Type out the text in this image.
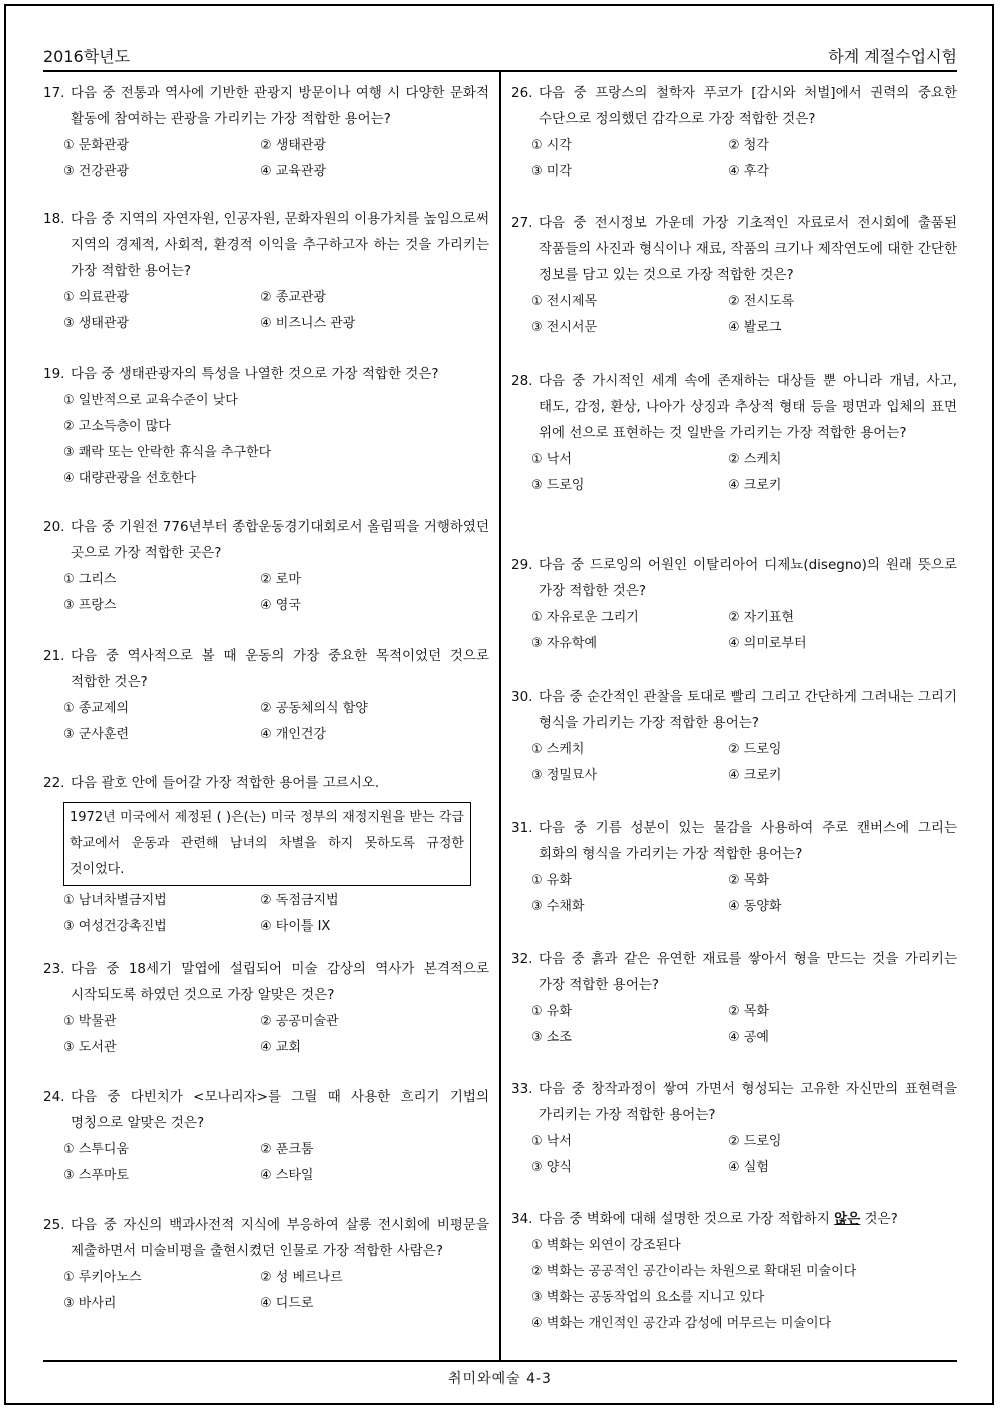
2016학년도	하계 계절수업시험
17. 다음 중 전통과 역사에 기반한 관광지 방문이나 여행 시 다양한 문화적 활동에 참여하는 관광을 가리키는 가장 적합한 용어는?
① 문화관광	② 생태관광
③ 건강관광	④ 교육관광
18. 다음 중 지역의 자연자원, 인공자원, 문화자원의 이용가치를 높임으로써 지역의 경제적, 사회적, 환경적 이익을 추구하고자 하는 것을 가리키는 가장 적합한 용어는?
① 의료관광	② 종교관광
③ 생태관광	④ 비즈니스 관광
19. 다음 중 생태관광자의 특성을 나열한 것으로 가장 적합한 것은?
① 일반적으로 교육수준이 낮다
② 고소득층이 많다
③ 쾌락 또는 안락한 휴식을 추구한다
④ 대량관광을 선호한다
20. 다음 중 기원전 776년부터 종합운동경기대회로서 올림픽을 거행하였던 곳으로 가장 적합한 곳은?
① 그리스	② 로마
③ 프랑스	④ 영국
21. 다음 중 역사적으로 볼 때 운동의 가장 중요한 목적이었던 것으로 적합한 것은?
① 종교제의	② 공동체의식 함양
③ 군사훈련	④ 개인건강
22. 다음 괄호 안에 들어갈 가장 적합한 용어를 고르시오.
1972년 미국에서 제정된 ( )은(는) 미국 정부의 재정지원을 받는 각급 학교에서 운동과 관련해 남녀의 차별을 하지 못하도록 규정한 것이었다.
① 남녀차별금지법	② 독점금지법
③ 여성건강촉진법	④ 타이틀 IX
23. 다음 중 18세기 말엽에 설립되어 미술 감상의 역사가 본격적으로 시작되도록 하였던 것으로 가장 알맞은 것은?
① 박물관	② 공공미술관
③ 도서관	④ 교회
24. 다음 중 다빈치가 <모나리자>를 그릴 때 사용한 흐리기 기법의 명칭으로 알맞은 것은?
① 스투디움	② 푼크툼
③ 스푸마토	④ 스타일
25. 다음 중 자신의 백과사전적 지식에 부응하여 살롱 전시회에 비평문을 제출하면서 미술비평을 출현시켰던 인물로 가장 적합한 사람은?
① 루키아노스	② 성 베르나르
③ 바사리	④ 디드로
26. 다음 중 프랑스의 철학자 푸코가 [감시와 처벌]에서 권력의 중요한 수단으로 정의했던 감각으로 가장 적합한 것은?
① 시각	② 청각
③ 미각	④ 후각
27. 다음 중 전시정보 가운데 가장 기초적인 자료로서 전시회에 출품된 작품들의 사진과 형식이나 재료, 작품의 크기나 제작연도에 대한 간단한 정보를 담고 있는 것으로 가장 적합한 것은?
① 전시제목	② 전시도록
③ 전시서문	④ 봘로그
28. 다음 중 가시적인 세계 속에 존재하는 대상들 뿐 아니라 개념, 사고, 태도, 감정, 환상, 나아가 상징과 추상적 형태 등을 평면과 입체의 표면 위에 선으로 표현하는 것 일반을 가리키는 가장 적합한 용어는?
① 낙서	② 스케치
③ 드로잉	④ 크로키
29. 다음 중 드로잉의 어원인 이탈리아어 디제뇨(disegno)의 원래 뜻으로 가장 적합한 것은?
① 자유로운 그리기	② 자기표현
③ 자유학예	④ 의미로부터
30. 다음 중 순간적인 관찰을 토대로 빨리 그리고 간단하게 그려내는 그리기 형식을 가리키는 가장 적합한 용어는?
① 스케치	② 드로잉
③ 정밀묘사	④ 크로키
31. 다음 중 기름 성분이 있는 물감을 사용하여 주로 캔버스에 그리는 회화의 형식을 가리키는 가장 적합한 용어는?
① 유화	② 목화
③ 수채화	④ 동양화
32. 다음 중 흙과 같은 유연한 재료를 쌓아서 형을 만드는 것을 가리키는 가장 적합한 용어는?
① 유화	② 목화
③ 소조	④ 공예
33. 다음 중 창작과정이 쌓여 가면서 형성되는 고유한 자신만의 표현력을 가리키는 가장 적합한 용어는?
① 낙서	② 드로잉
③ 양식	④ 실험
34. 다음 중 벽화에 대해 설명한 것으로 가장 적합하지 않은 것은?
① 벽화는 외연이 강조된다
② 벽화는 공공적인 공간이라는 차원으로 확대된 미술이다
③ 벽화는 공동작업의 요소를 지니고 있다
④ 벽화는 개인적인 공간과 감성에 머무르는 미술이다
취미와예술 4-3
